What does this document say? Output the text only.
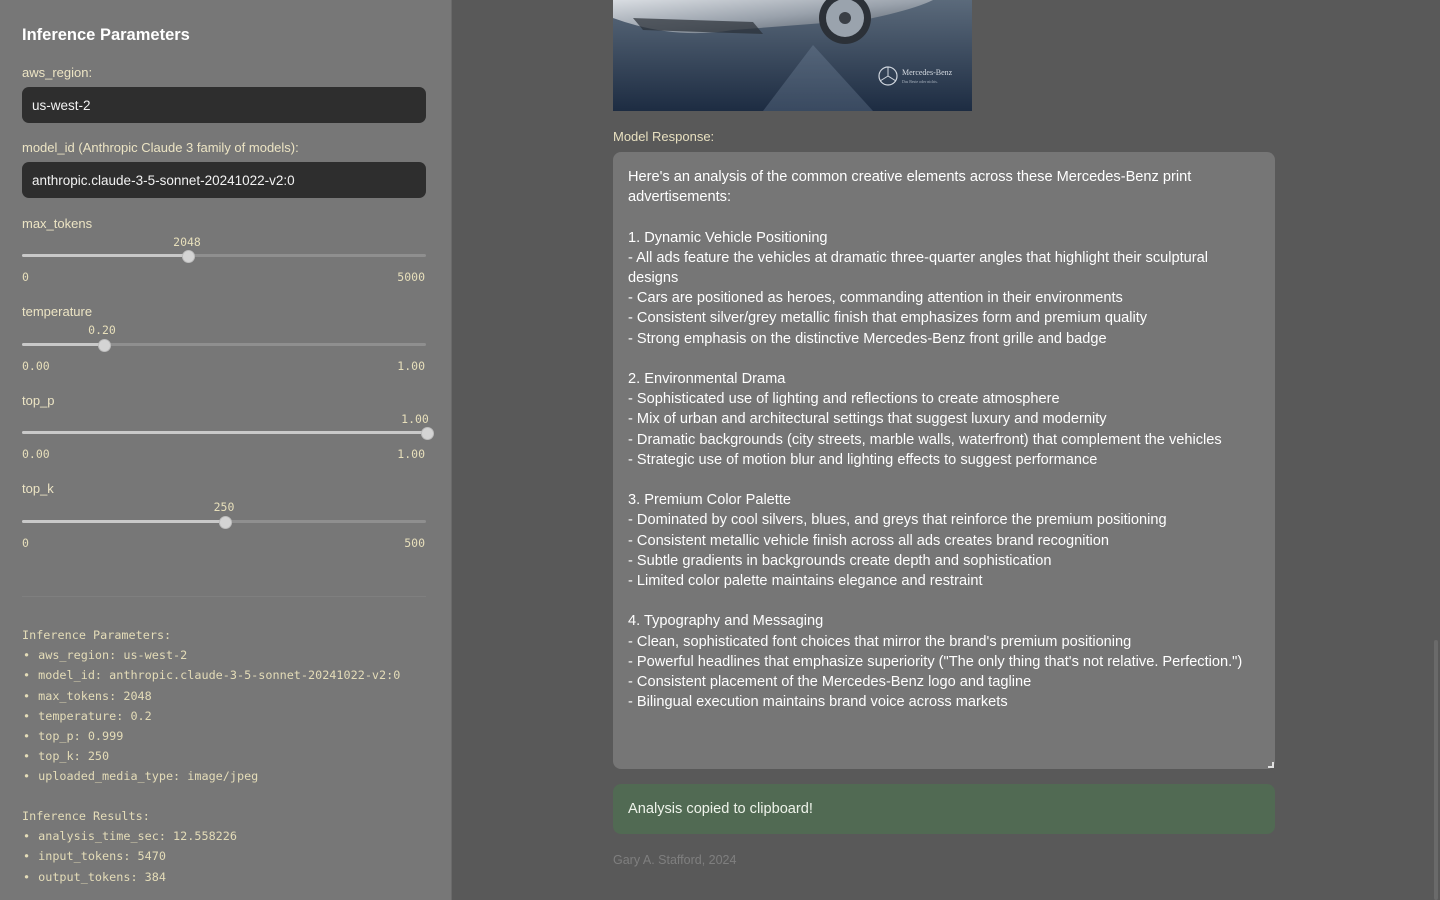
Inference Parameters
aws_region:
us-west-2
model_id (Anthropic Claude 3 family of models):
anthropic.claude-3-5-sonnet-20241022-v2:0
max_tokens
2048
0	5000
temperature
0.20
0.00	1.00
top_p
1.00
0.00	1.00
top_k
250
0	500
Inference Parameters:
• aws_region: us-west-2
• model_id: anthropic.claude-3-5-sonnet-20241022-v2:0
• max_tokens: 2048
• temperature: 0.2
• top_p: 0.999
• top_k: 250
• uploaded_media_type: image/jpeg
Inference Results:
• analysis_time_sec: 12.558226
• input_tokens: 5470
• output_tokens: 384
Mercedes-Benz
Das Beste oder nichts.
Model Response:
Here's an analysis of the common creative elements across these Mercedes-Benz print advertisements:

1. Dynamic Vehicle Positioning
- All ads feature the vehicles at dramatic three-quarter angles that highlight their sculptural designs
- Cars are positioned as heroes, commanding attention in their environments
- Consistent silver/grey metallic finish that emphasizes form and premium quality
- Strong emphasis on the distinctive Mercedes-Benz front grille and badge

2. Environmental Drama
- Sophisticated use of lighting and reflections to create atmosphere
- Mix of urban and architectural settings that suggest luxury and modernity
- Dramatic backgrounds (city streets, marble walls, waterfront) that complement the vehicles
- Strategic use of motion blur and lighting effects to suggest performance

3. Premium Color Palette
- Dominated by cool silvers, blues, and greys that reinforce the premium positioning
- Consistent metallic vehicle finish across all ads creates brand recognition
- Subtle gradients in backgrounds create depth and sophistication
- Limited color palette maintains elegance and restraint

4. Typography and Messaging
- Clean, sophisticated font choices that mirror the brand's premium positioning
- Powerful headlines that emphasize superiority ("The only thing that's not relative. Perfection.")
- Consistent placement of the Mercedes-Benz logo and tagline
- Bilingual execution maintains brand voice across markets
Analysis copied to clipboard!
Gary A. Stafford, 2024
